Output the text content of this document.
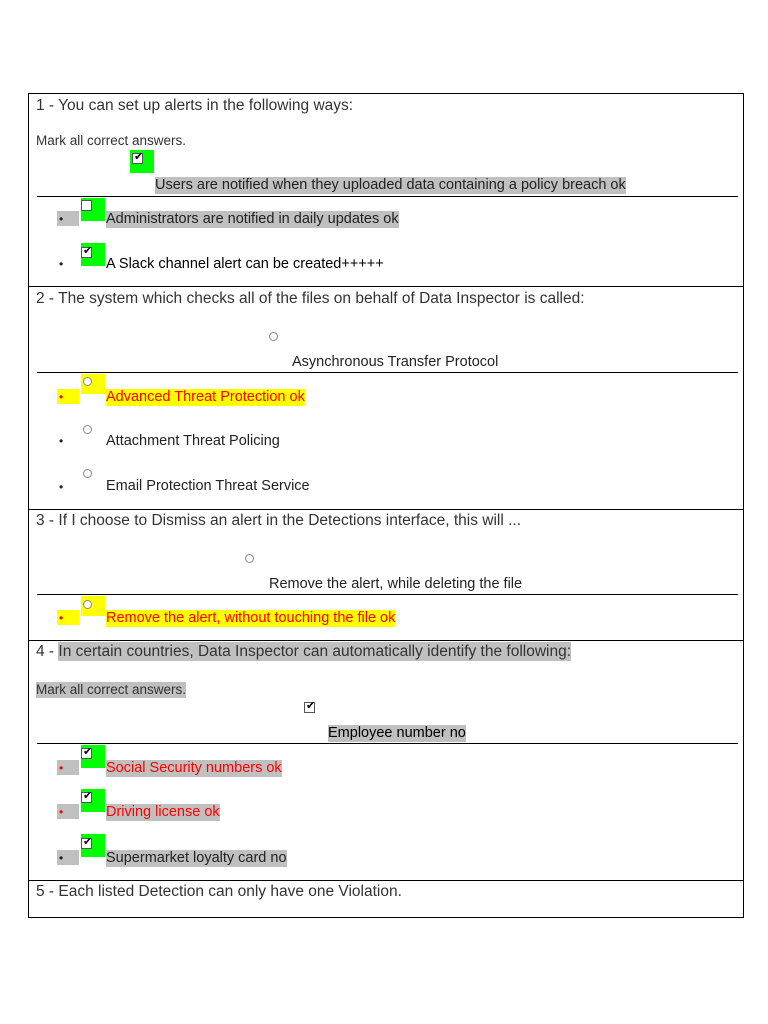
1 - You can set up alerts in the following ways:
Mark all correct answers.
✔
Users are notified when they uploaded data containing a policy breach ok
•	Administrators are notified in daily updates ok
•
✔
A Slack channel alert can be created+++++
2 - The system which checks all of the files on behalf of Data Inspector is called:
Asynchronous Transfer Protocol
•	Advanced Threat Protection ok
•	Attachment Threat Policing
•	Email Protection Threat Service
3 - If I choose to Dismiss an alert in the Detections interface, this will ...
Remove the alert, while deleting the file
•	Remove the alert, without touching the file ok
4 - In certain countries, Data Inspector can automatically identify the following:
Mark all correct answers.
✔
Employee number no
•
✔
Social Security numbers ok
•
✔
Driving license ok
•
✔
Supermarket loyalty card no
5 - Each listed Detection can only have one Violation.
